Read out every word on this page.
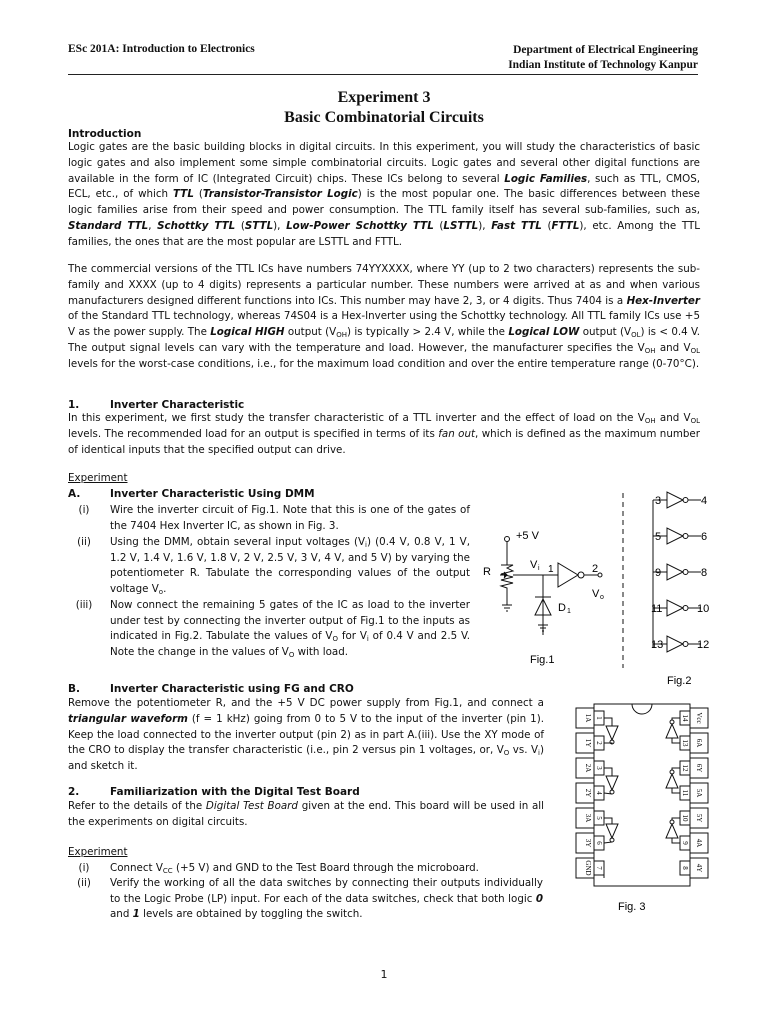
ESc 201A: Introduction to Electronics	Department of Electrical Engineering
Indian Institute of Technology Kanpur
Experiment 3
Basic Combinatorial Circuits
Introduction
Logic gates are the basic building blocks in digital circuits. In this experiment, you will study the characteristics of basic logic gates and also implement some simple combinatorial circuits. Logic gates and several other digital functions are available in the form of IC (Integrated Circuit) chips. These ICs belong to several Logic Families, such as TTL, CMOS, ECL, etc., of which TTL (Transistor-Transistor Logic) is the most popular one. The basic differences between these logic families arise from their speed and power consumption. The TTL family itself has several sub-families, such as, Standard TTL, Schottky TTL (STTL), Low-Power Schottky TTL (LSTTL), Fast TTL (FTTL), etc. Among the TTL families, the ones that are the most popular are LSTTL and FTTL.
The commercial versions of the TTL ICs have numbers 74YYXXXX, where YY (up to 2 two characters) represents the sub-family and XXXX (up to 4 digits) represents a particular number. These numbers were arrived at as and when various manufacturers designed different functions into ICs. This number may have 2, 3, or 4 digits. Thus 7404 is a Hex-Inverter of the Standard TTL technology, whereas 74S04 is a Hex-Inverter using the Schottky technology. All TTL family ICs use +5 V as the power supply. The Logical HIGH output $(V_{OH})$ is typically > 2.4 V, while the Logical LOW output $(V_{OL})$ is < 0.4 V. The output signal levels can vary with the temperature and load. However, the manufacturer specifies the $V_{OH}$ and $V_{OL}$ levels for the worst-case conditions, i.e., for the maximum load condition and over the entire temperature range (0-70°C).
1.	Inverter Characteristic
In this experiment, we first study the transfer characteristic of a TTL inverter and the effect of load on the $V_{OH}$ and $V_{OL}$ levels. The recommended load for an output is specified in terms of its fan out, which is defined as the maximum number of identical inputs that the specified output can drive.
Experiment
A.	Inverter Characteristic Using DMM
(i)	Wire the inverter circuit of Fig.1. Note that this is one of the gates of the 7404 Hex Inverter IC, as shown in Fig. 3.
(ii)	Using the DMM, obtain several input voltages $(V_i)$ (0.4 V, 0.8 V, 1 V, 1.2 V, 1.4 V, 1.6 V, 1.8 V, 2 V, 2.5 V, 3 V, 4 V, and 5 V) by varying the potentiometer R. Tabulate the corresponding values of the output voltage $V_o$.
(iii)	Now connect the remaining 5 gates of the IC as load to the inverter under test by connecting the inverter output of Fig.1 to the inputs as indicated in Fig.2. Tabulate the values of $V_O$ for $V_i$ of 0.4 V and 2.5 V. Note the change in the values of $V_O$ with load.
B.	Inverter Characteristic using FG and CRO
Remove the potentiometer R, and the +5 V DC power supply from Fig.1, and connect a triangular waveform (f = 1 kHz) going from 0 to 5 V to the input of the inverter (pin 1). Keep the load connected to the inverter output (pin 2) as in part A.(iii). Use the XY mode of the CRO to display the transfer characteristic (i.e., pin 2 versus pin 1 voltages, or, $V_O$ vs. $V_i$) and sketch it.
2.	Familiarization with the Digital Test Board
Refer to the details of the Digital Test Board given at the end. This board will be used in all the experiments on digital circuits.
Experiment
(i)	Connect $V_{CC}$ (+5 V) and GND to the Test Board through the microboard.
(ii)	Verify the working of all the data switches by connecting their outputs individually to the Logic Probe (LP) input. For each of the data switches, check that both logic 0 and 1 levels are obtained by toggling the switch.
+5 V
R
V i 1	2
V o
D 1
Fig.1
3	4
5	6
9	8
11	10
13	12
Fig.2
1A
1Y
2A
2Y
3A
3Y
GND
1
2
3
4
5
6
7
Vcc
6A
6Y
5A
5Y
4A
4Y
14
13
12
11
10
9
8
Fig. 3
1
